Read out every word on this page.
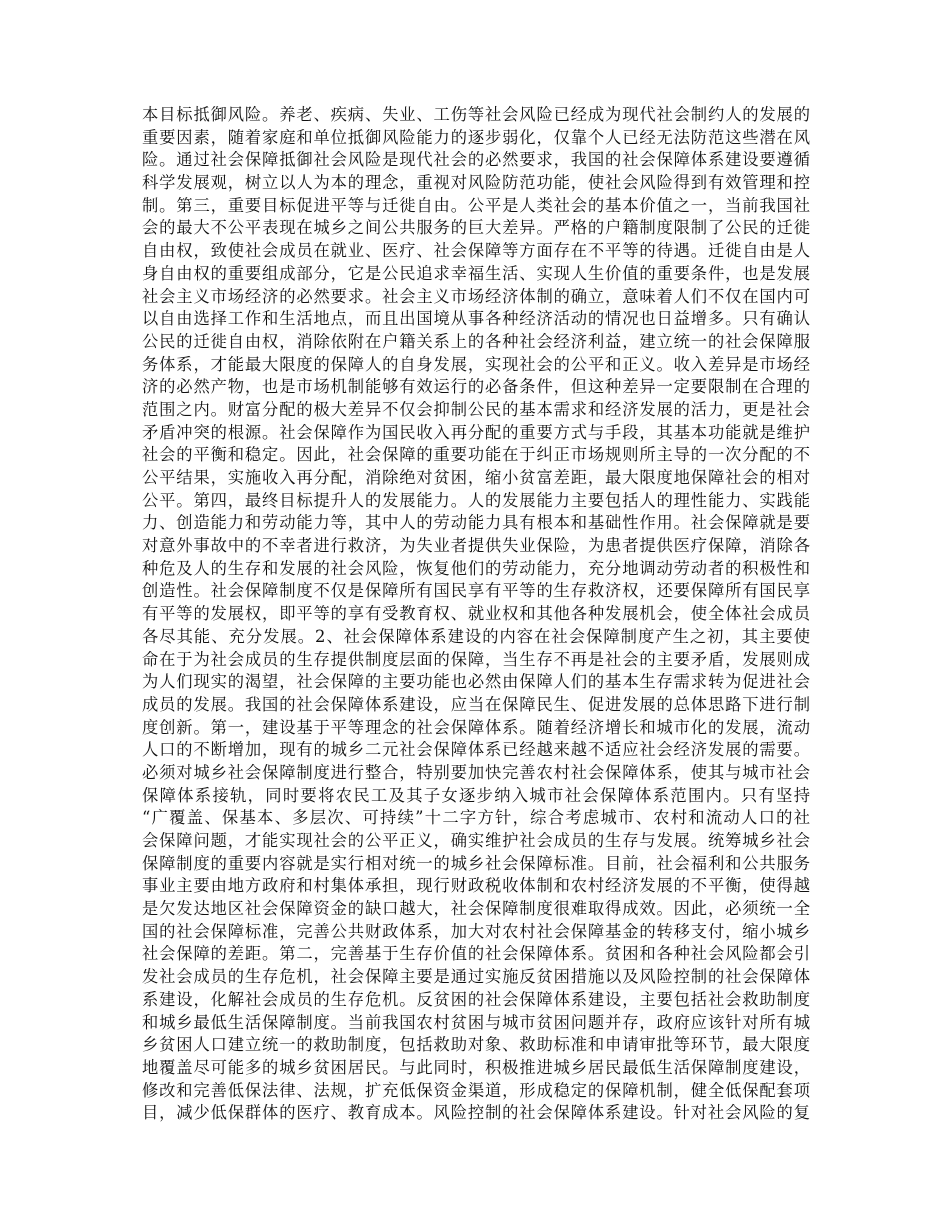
本目标抵御风险。养老、疾病、失业、工伤等社会风险已经成为现代社会制约人的发展的
重要因素，随着家庭和单位抵御风险能力的逐步弱化，仅靠个人已经无法防范这些潜在风
险。通过社会保障抵御社会风险是现代社会的必然要求，我国的社会保障体系建设要遵循
科学发展观，树立以人为本的理念，重视对风险防范功能，使社会风险得到有效管理和控
制。第三，重要目标促进平等与迁徙自由。公平是人类社会的基本价值之一，当前我国社
会的最大不公平表现在城乡之间公共服务的巨大差异。严格的户籍制度限制了公民的迁徙
自由权，致使社会成员在就业、医疗、社会保障等方面存在不平等的待遇。迁徙自由是人
身自由权的重要组成部分，它是公民追求幸福生活、实现人生价值的重要条件，也是发展
社会主义市场经济的必然要求。社会主义市场经济体制的确立，意味着人们不仅在国内可
以自由选择工作和生活地点，而且出国境从事各种经济活动的情况也日益增多。只有确认
公民的迁徙自由权，消除依附在户籍关系上的各种社会经济利益，建立统一的社会保障服
务体系，才能最大限度的保障人的自身发展，实现社会的公平和正义。收入差异是市场经
济的必然产物，也是市场机制能够有效运行的必备条件，但这种差异一定要限制在合理的
范围之内。财富分配的极大差异不仅会抑制公民的基本需求和经济发展的活力，更是社会
矛盾冲突的根源。社会保障作为国民收入再分配的重要方式与手段，其基本功能就是维护
社会的平衡和稳定。因此，社会保障的重要功能在于纠正市场规则所主导的一次分配的不
公平结果，实施收入再分配，消除绝对贫困，缩小贫富差距，最大限度地保障社会的相对
公平。第四，最终目标提升人的发展能力。人的发展能力主要包括人的理性能力、实践能
力、创造能力和劳动能力等，其中人的劳动能力具有根本和基础性作用。社会保障就是要
对意外事故中的不幸者进行救济，为失业者提供失业保险，为患者提供医疗保障，消除各
种危及人的生存和发展的社会风险，恢复他们的劳动能力，充分地调动劳动者的积极性和
创造性。社会保障制度不仅是保障所有国民享有平等的生存救济权，还要保障所有国民享
有平等的发展权，即平等的享有受教育权、就业权和其他各种发展机会，使全体社会成员
各尽其能、充分发展。2、社会保障体系建设的内容在社会保障制度产生之初，其主要使
命在于为社会成员的生存提供制度层面的保障，当生存不再是社会的主要矛盾，发展则成
为人们现实的渴望，社会保障的主要功能也必然由保障人们的基本生存需求转为促进社会
成员的发展。我国的社会保障体系建设，应当在保障民生、促进发展的总体思路下进行制
度创新。第一，建设基于平等理念的社会保障体系。随着经济增长和城市化的发展，流动
人口的不断增加，现有的城乡二元社会保障体系已经越来越不适应社会经济发展的需要。
必须对城乡社会保障制度进行整合，特别要加快完善农村社会保障体系，使其与城市社会
保障体系接轨，同时要将农民工及其子女逐步纳入城市社会保障体系范围内。只有坚持
“广覆盖、保基本、多层次、可持续”十二字方针，综合考虑城市、农村和流动人口的社
会保障问题，才能实现社会的公平正义，确实维护社会成员的生存与发展。统筹城乡社会
保障制度的重要内容就是实行相对统一的城乡社会保障标准。目前，社会福利和公共服务
事业主要由地方政府和村集体承担，现行财政税收体制和农村经济发展的不平衡，使得越
是欠发达地区社会保障资金的缺口越大，社会保障制度很难取得成效。因此，必须统一全
国的社会保障标准，完善公共财政体系，加大对农村社会保障基金的转移支付，缩小城乡
社会保障的差距。第二，完善基于生存价值的社会保障体系。贫困和各种社会风险都会引
发社会成员的生存危机，社会保障主要是通过实施反贫困措施以及风险控制的社会保障体
系建设，化解社会成员的生存危机。反贫困的社会保障体系建设，主要包括社会救助制度
和城乡最低生活保障制度。当前我国农村贫困与城市贫困问题并存，政府应该针对所有城
乡贫困人口建立统一的救助制度，包括救助对象、救助标准和申请审批等环节，最大限度
地覆盖尽可能多的城乡贫困居民。与此同时，积极推进城乡居民最低生活保障制度建设，
修改和完善低保法律、法规，扩充低保资金渠道，形成稳定的保障机制，健全低保配套项
目，减少低保群体的医疗、教育成本。风险控制的社会保障体系建设。针对社会风险的复
